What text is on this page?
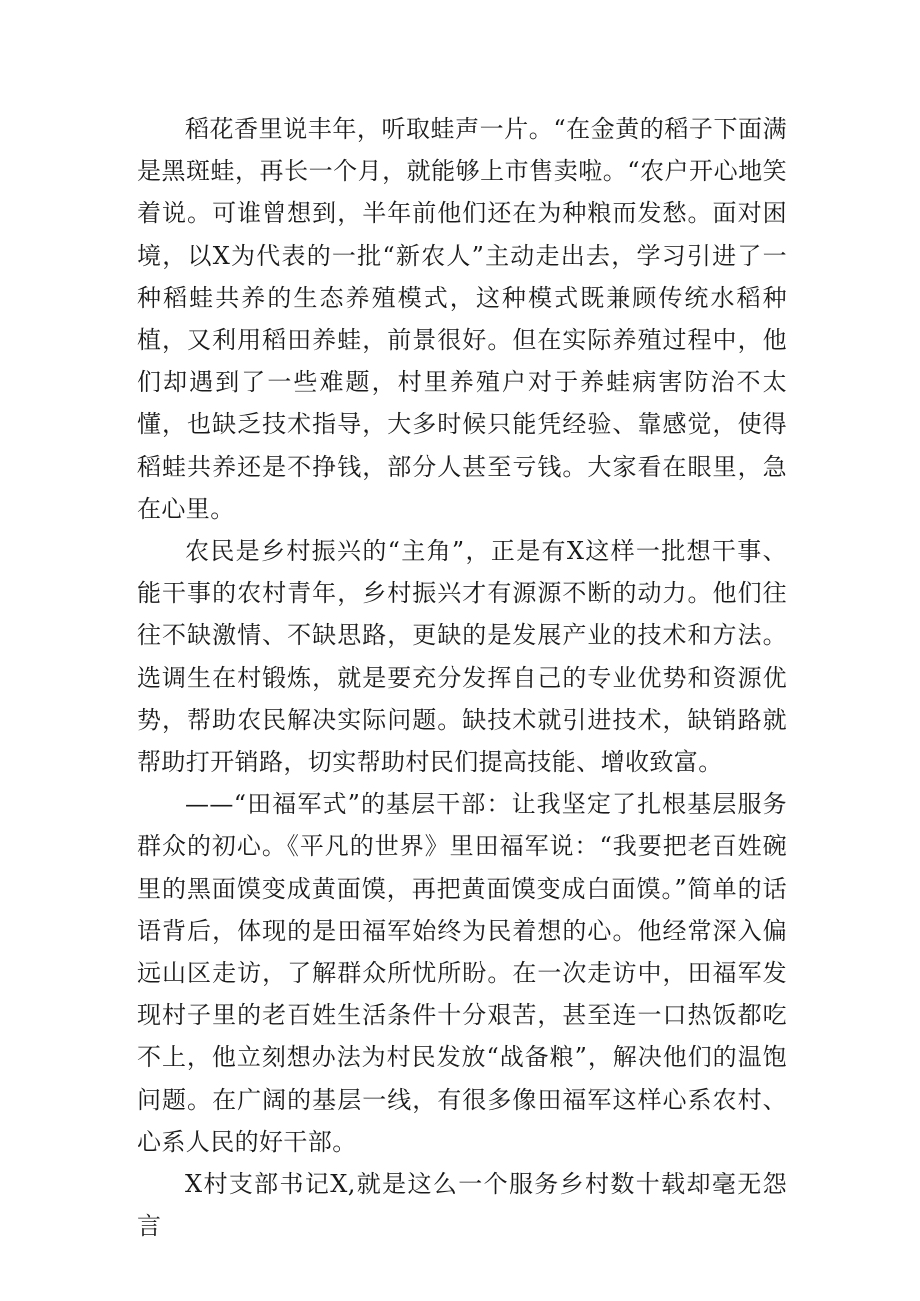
稻花香里说丰年，听取蛙声一片。“在金黄的稻子下面满是黑斑蛙，再长一个月，就能够上市售卖啦。“农户开心地笑着说。可谁曾想到，半年前他们还在为种粮而发愁。面对困境，以X为代表的一批“新农人”主动走出去，学习引进了一种稻蛙共养的生态养殖模式，这种模式既兼顾传统水稻种植，又利用稻田养蛙，前景很好。但在实际养殖过程中，他们却遇到了一些难题，村里养殖户对于养蛙病害防治不太懂，也缺乏技术指导，大多时候只能凭经验、靠感觉，使得稻蛙共养还是不挣钱，部分人甚至亏钱。大家看在眼里，急在心里。

农民是乡村振兴的“主角”，正是有X这样一批想干事、能干事的农村青年，乡村振兴才有源源不断的动力。他们往往不缺激情、不缺思路，更缺的是发展产业的技术和方法。选调生在村锻炼，就是要充分发挥自己的专业优势和资源优势，帮助农民解决实际问题。缺技术就引进技术，缺销路就帮助打开销路，切实帮助村民们提高技能、增收致富。

——“田福军式”的基层干部：让我坚定了扎根基层服务群众的初心。《平凡的世界》里田福军说：“我要把老百姓碗里的黑面馍变成黄面馍，再把黄面馍变成白面馍。”简单的话语背后，体现的是田福军始终为民着想的心。他经常深入偏远山区走访，了解群众所忧所盼。在一次走访中，田福军发现村子里的老百姓生活条件十分艰苦，甚至连一口热饭都吃不上，他立刻想办法为村民发放“战备粮”，解决他们的温饱问题。在广阔的基层一线，有很多像田福军这样心系农村、心系人民的好干部。

X村支部书记X,就是这么一个服务乡村数十载却毫无怨言
